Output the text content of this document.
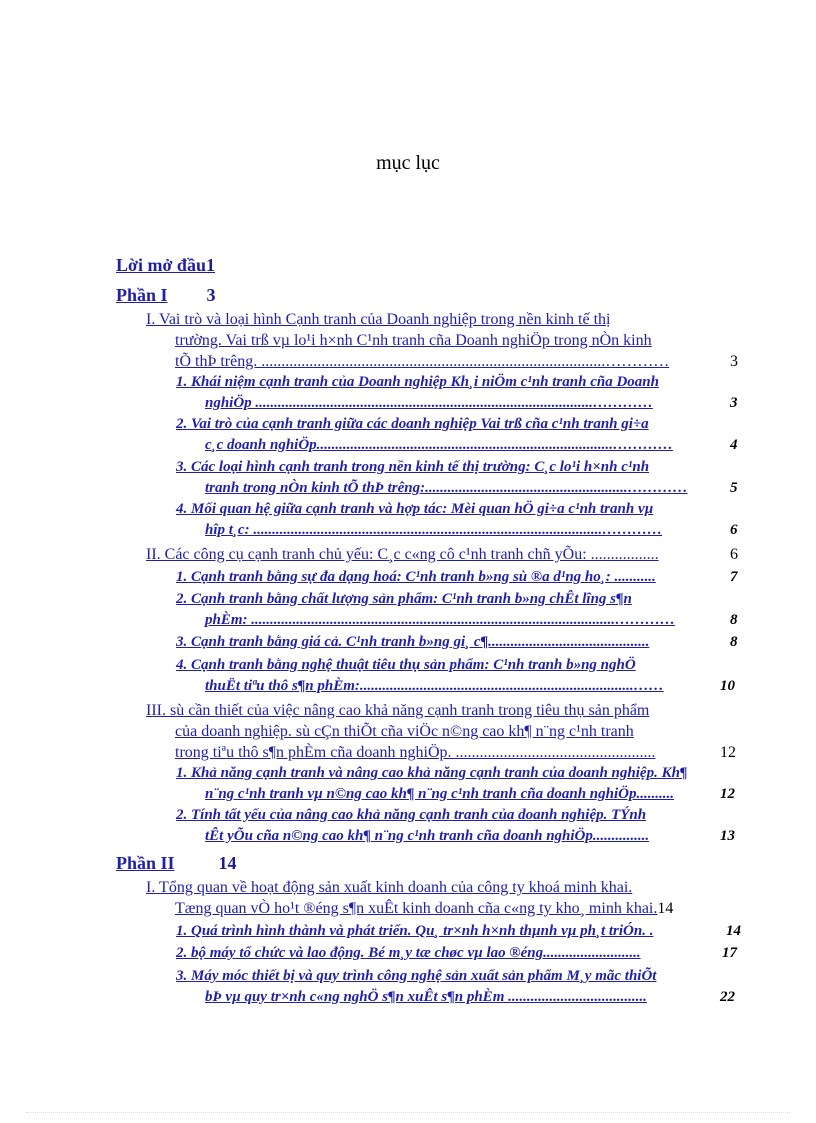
mục lục
Lời mở đầu1
Phần I 3
I. Vai trò và loại hình Cạnh tranh của Doanh nghiệp trong nền kinh tế thị
trường. Vai trß vµ lo¹i h×nh C¹nh tranh cña Doanh nghiÖp trong nÒn kinh
tÕ thÞ trêng. ......................................................................................…………	3
1. Khái niệm cạnh tranh của Doanh nghiệp Kh¸i niÖm c¹nh tranh cña Doanh
nghiÖp ..........................................................................................…………	3
2. Vai trò của cạnh tranh giữa các doanh nghiệp Vai trß cña c¹nh tranh gi÷a
c¸c doanh nghiÖp...............................................................................…………	4
3. Các loại hình cạnh tranh trong nền kinh tế thị trường: C¸c lo¹i h×nh c¹nh
tranh trong nÒn kinh tÕ thÞ trêng:......................................................…………	5
4. Mối quan hệ giữa cạnh tranh và hợp tác: Mèi quan hÖ gi÷a c¹nh tranh vµ
hîp t¸c: .............................................................................................…………	6
II. Các công cụ cạnh tranh chủ yếu: C¸c c«ng cô c¹nh tranh chñ yÕu: .................	6
1. Cạnh tranh bằng sự đa dạng hoá: C¹nh tranh b»ng sù ®a d¹ng ho¸: ...........	7
2. Cạnh tranh bằng chất lượng sản phẩm: C¹nh tranh b»ng chÊt lîng s¶n
phÈm: .................................................................................................…………	8
3. Cạnh tranh bằng giá cả. C¹nh tranh b»ng gi¸ c¶...........................................	8
4. Cạnh tranh bằng nghệ thuật tiêu thụ sản phẩm: C¹nh tranh b»ng nghÖ
thuËt tiªu thô s¶n phÈm:.........................................................................……	10
III. sù cần thiết của việc nâng cao khả năng cạnh tranh trong tiêu thụ sản phẩm
của doanh nghiệp. sù cÇn thiÕt cña viÖc n©ng cao kh¶ n¨ng c¹nh tranh
trong tiªu thô s¶n phÈm cña doanh nghiÖp. ..................................................	12
1. Khả năng cạnh tranh và nâng cao khả năng cạnh tranh của doanh nghiệp. Kh¶
n¨ng c¹nh tranh vµ n©ng cao kh¶ n¨ng c¹nh tranh cña doanh nghiÖp..........	12
2. Tính tất yếu của nâng cao khả năng cạnh tranh của doanh nghiệp. TÝnh
tÊt yÕu cña n©ng cao kh¶ n¨ng c¹nh tranh cña doanh nghiÖp...............	13
Phần II 14
I. Tổng quan về hoạt động sản xuất kinh doanh của công ty khoá minh khai.
Tæng quan vÒ ho¹t ®éng s¶n xuÊt kinh doanh cña c«ng ty kho¸ minh khai.14
1. Quá trình hình thành và phát triển. Qu¸ tr×nh h×nh thµnh vµ ph¸t triÓn. .	14
2. bộ máy tổ chức và lao động. Bé m¸y tæ chøc vµ lao ®éng..........................	17
3. Máy móc thiết bị và quy trình công nghệ sản xuất sản phẩm M¸y mãc thiÕt
bÞ vµ quy tr×nh c«ng nghÖ s¶n xuÊt s¶n phÈm .....................................	22
